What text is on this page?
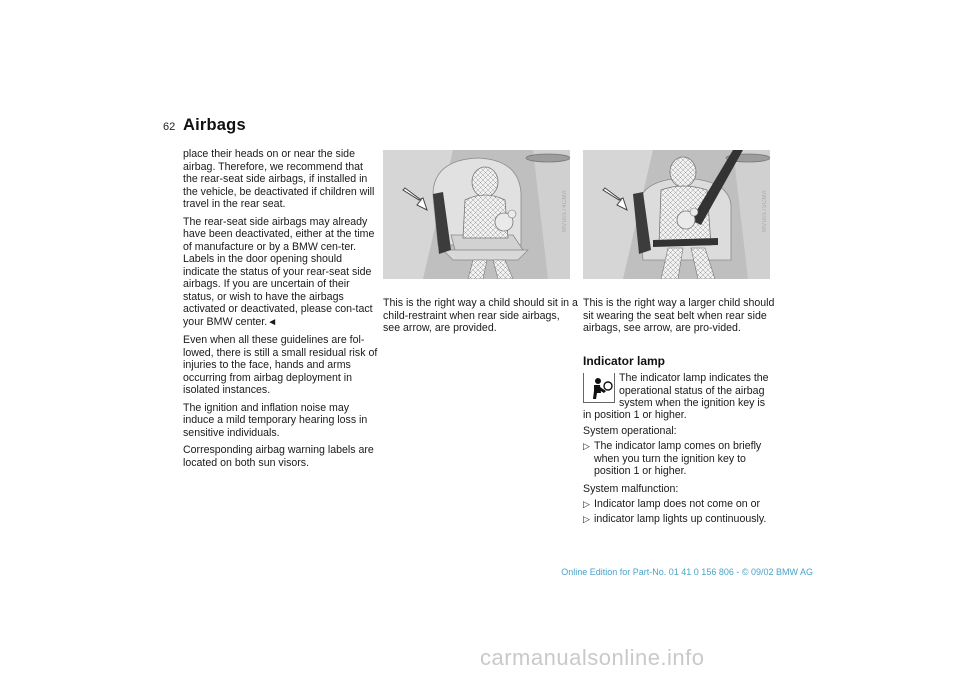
62 Airbags

place their heads on or near the side airbag. Therefore, we recommend that the rear-seat side airbags, if installed in the vehicle, be deactivated if children will travel in the rear seat.

The rear-seat side airbags may already have been deactivated, either at the time of manufacture or by a BMW cen-ter. Labels in the door opening should indicate the status of your rear-seat side airbags. If you are uncertain of their status, or wish to have the airbags activated or deactivated, please con-tact your BMW center.◄

Even when all these guidelines are fol-lowed, there is still a small residual risk of injuries to the face, hands and arms occurring from airbag deployment in isolated instances.

The ignition and inflation noise may induce a mild temporary hearing loss in sensitive individuals.

Corresponding airbag warning labels are located on both sun visors.

MV00174CMA	MV00175CMA
This is the right way a child should sit in a child-restraint when rear side airbags, see arrow, are provided.
This is the right way a larger child should sit wearing the seat belt when rear side airbags, see arrow, are pro-vided.
Indicator lamp
The indicator lamp indicates the operational status of the airbag system when the ignition key is

in position 1 or higher.

System operational:

▷ The indicator lamp comes on briefly when you turn the ignition key to position 1 or higher.

System malfunction:

▷ Indicator lamp does not come on or
▷ indicator lamp lights up continuously.
Online Edition for Part-No. 01 41 0 156 806 - © 09/02 BMW AG
carmanualsonline.info
